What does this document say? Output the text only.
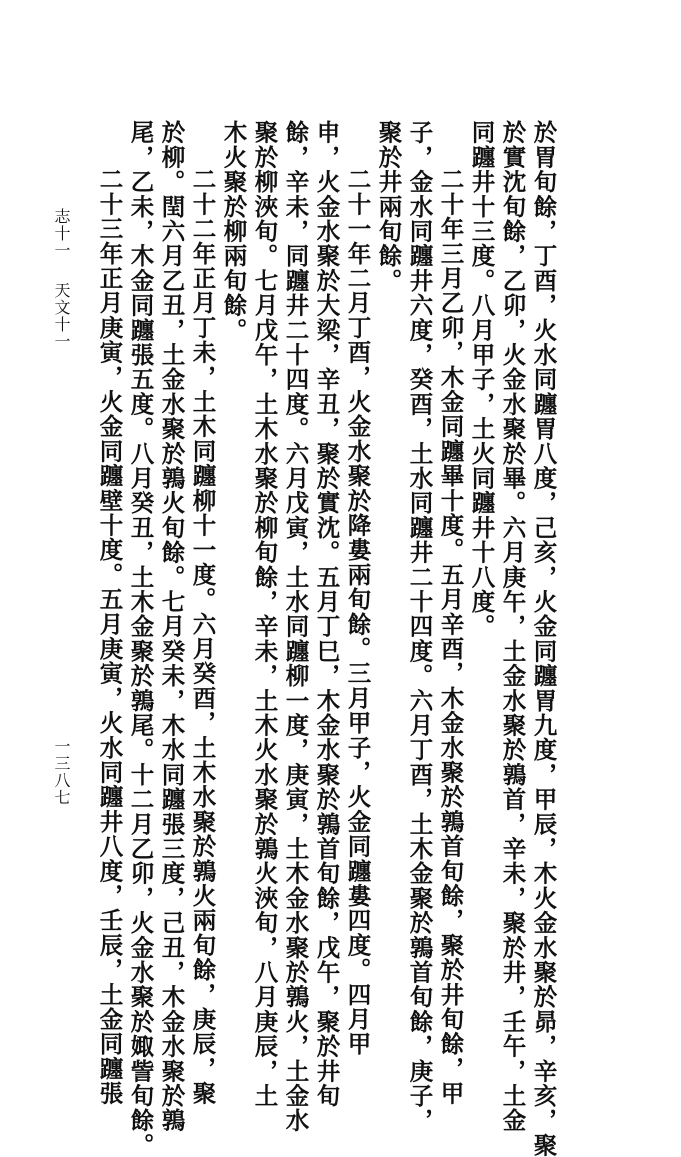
於胃旬餘，丁酉，火水同躔胃八度，己亥，火金同躔胃九度，甲辰，木火金水聚於昴，辛亥，聚
於實沈旬餘，乙卯，火金水聚於畢。六月庚午，土金水聚於鶉首，辛未，聚於井，壬午，土金
同躔井十三度。八月甲子，土火同躔井十八度。
二十年三月乙卯，木金同躔畢十度。五月辛酉，木金水聚於鶉首旬餘，聚於井旬餘，甲
子，金水同躔井六度，癸酉，土水同躔井二十四度。六月丁酉，土木金聚於鶉首旬餘，庚子，
聚於井兩旬餘。
二十一年二月丁酉，火金水聚於降婁兩旬餘。三月甲子，火金同躔婁四度。四月甲
申，火金水聚於大梁，辛丑，聚於實沈。五月丁巳，木金水聚於鶉首旬餘，戊午，聚於井旬
餘，辛未，同躔井二十四度。六月戊寅，土水同躔柳一度，庚寅，土木金水聚於鶉火，土金水
聚於柳浹旬。七月戊午，土木水聚於柳旬餘，辛未，土木火水聚於鶉火浹旬，八月庚辰，土
木火聚於柳兩旬餘。
二十二年正月丁未，土木同躔柳十一度。六月癸酉，土木水聚於鶉火兩旬餘，庚辰，聚
於柳。閏六月乙丑，土金水聚於鶉火旬餘。七月癸未，木水同躔張三度，己丑，木金水聚於鶉
尾，乙未，木金同躔張五度。八月癸丑，土木金聚於鶉尾。十二月乙卯，火金水聚於娵訾旬餘。
二十三年正月庚寅，火金同躔壁十度。五月庚寅，火水同躔井八度，壬辰，土金同躔張
志十一
天文十一
一三八七
